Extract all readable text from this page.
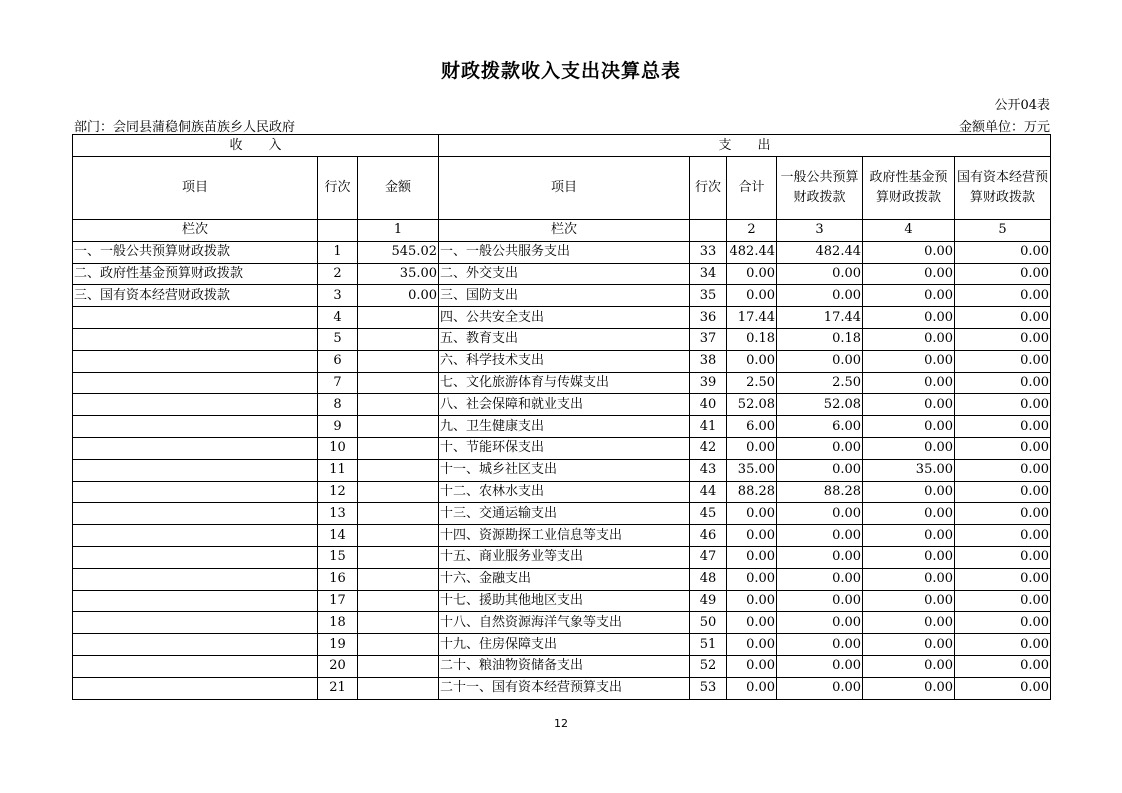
财政拨款收入支出决算总表
公开04表
部门：会同县蒲稳侗族苗族乡人民政府	金额单位：万元
收　　入			支　　出					
项目	行次	金额	项目	行次	合计	一般公共预算财政拨款	政府性基金预算财政拨款	国有资本经营预算财政拨款
栏次		1	栏次		2	3	4	5
一、一般公共预算财政拨款	1	545.02	一、一般公共服务支出	33	482.44	482.44	0.00	0.00
二、政府性基金预算财政拨款	2	35.00	二、外交支出	34	0.00	0.00	0.00	0.00
三、国有资本经营财政拨款	3	0.00	三、国防支出	35	0.00	0.00	0.00	0.00
	4		四、公共安全支出	36	17.44	17.44	0.00	0.00
	5		五、教育支出	37	0.18	0.18	0.00	0.00
	6		六、科学技术支出	38	0.00	0.00	0.00	0.00
	7		七、文化旅游体育与传媒支出	39	2.50	2.50	0.00	0.00
	8		八、社会保障和就业支出	40	52.08	52.08	0.00	0.00
	9		九、卫生健康支出	41	6.00	6.00	0.00	0.00
	10		十、节能环保支出	42	0.00	0.00	0.00	0.00
	11		十一、城乡社区支出	43	35.00	0.00	35.00	0.00
	12		十二、农林水支出	44	88.28	88.28	0.00	0.00
	13		十三、交通运输支出	45	0.00	0.00	0.00	0.00
	14		十四、资源勘探工业信息等支出	46	0.00	0.00	0.00	0.00
	15		十五、商业服务业等支出	47	0.00	0.00	0.00	0.00
	16		十六、金融支出	48	0.00	0.00	0.00	0.00
	17		十七、援助其他地区支出	49	0.00	0.00	0.00	0.00
	18		十八、自然资源海洋气象等支出	50	0.00	0.00	0.00	0.00
	19		十九、住房保障支出	51	0.00	0.00	0.00	0.00
	20		二十、粮油物资储备支出	52	0.00	0.00	0.00	0.00
	21		二十一、国有资本经营预算支出	53	0.00	0.00	0.00	0.00
12
